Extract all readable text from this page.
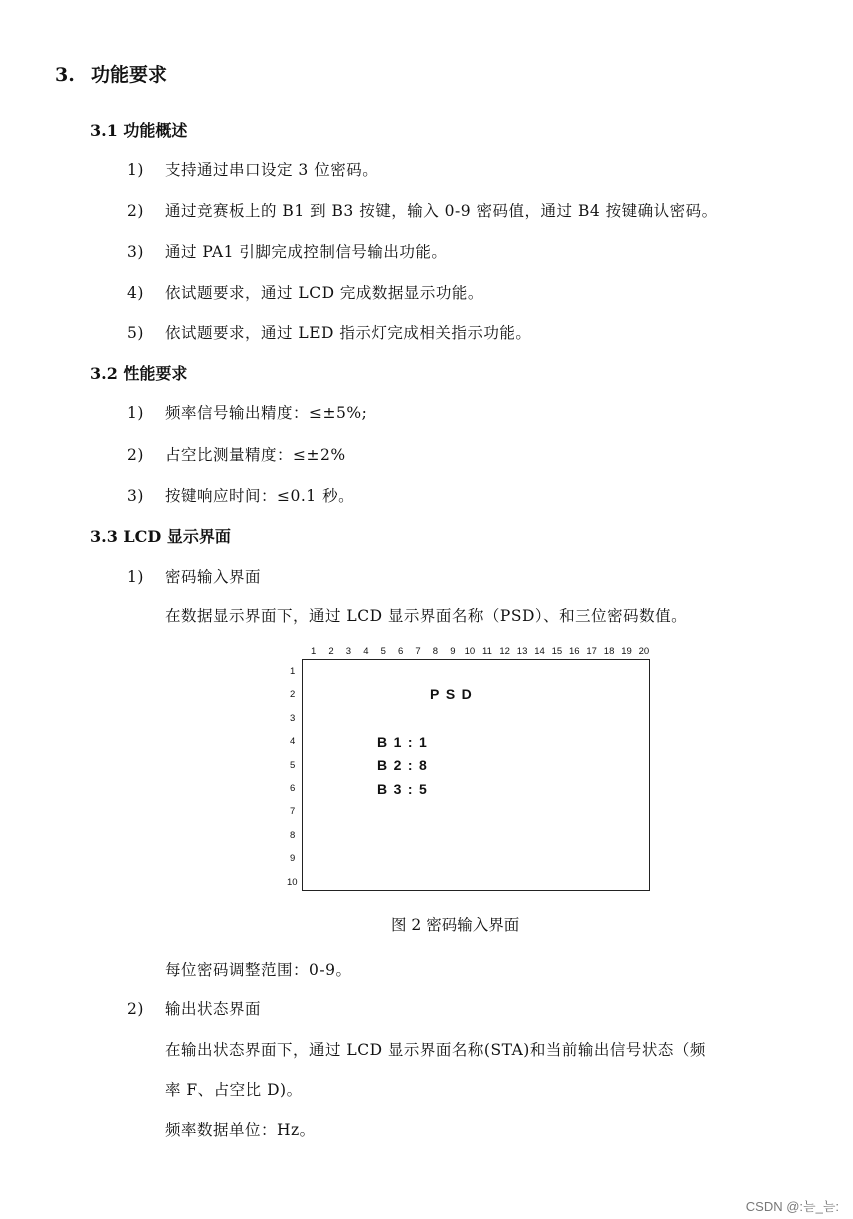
3. 功能要求
3.1 功能概述
1) 支持通过串口设定 3 位密码。
2) 通过竞赛板上的 B1 到 B3 按键，输入 0-9 密码值，通过 B4 按键确认密码。
3) 通过 PA1 引脚完成控制信号输出功能。
4) 依试题要求，通过 LCD 完成数据显示功能。
5) 依试题要求，通过 LED 指示灯完成相关指示功能。
3.2 性能要求
1) 频率信号输出精度：≤±5%;
2) 占空比测量精度：≤±2%
3) 按键响应时间：≤0.1 秒。
3.3 LCD 显示界面
1) 密码输入界面
在数据显示界面下，通过 LCD 显示界面名称（PSD）、和三位密码数值。
1 2 3 4 5 6 7 8 9 10 11 12 13 14 15 16 17 18 19 20
1
2
3
4
5
6
7
8
9
10
PSD
B1:1
B2:8
B3:5
图 2 密码输入界面
每位密码调整范围：0-9。
2) 输出状态界面
在输出状态界面下，通过 LCD 显示界面名称(STA)和当前输出信号状态（频
率 F、占空比 D)。
频率数据单位：Hz。
CSDN @:늗_늗:
